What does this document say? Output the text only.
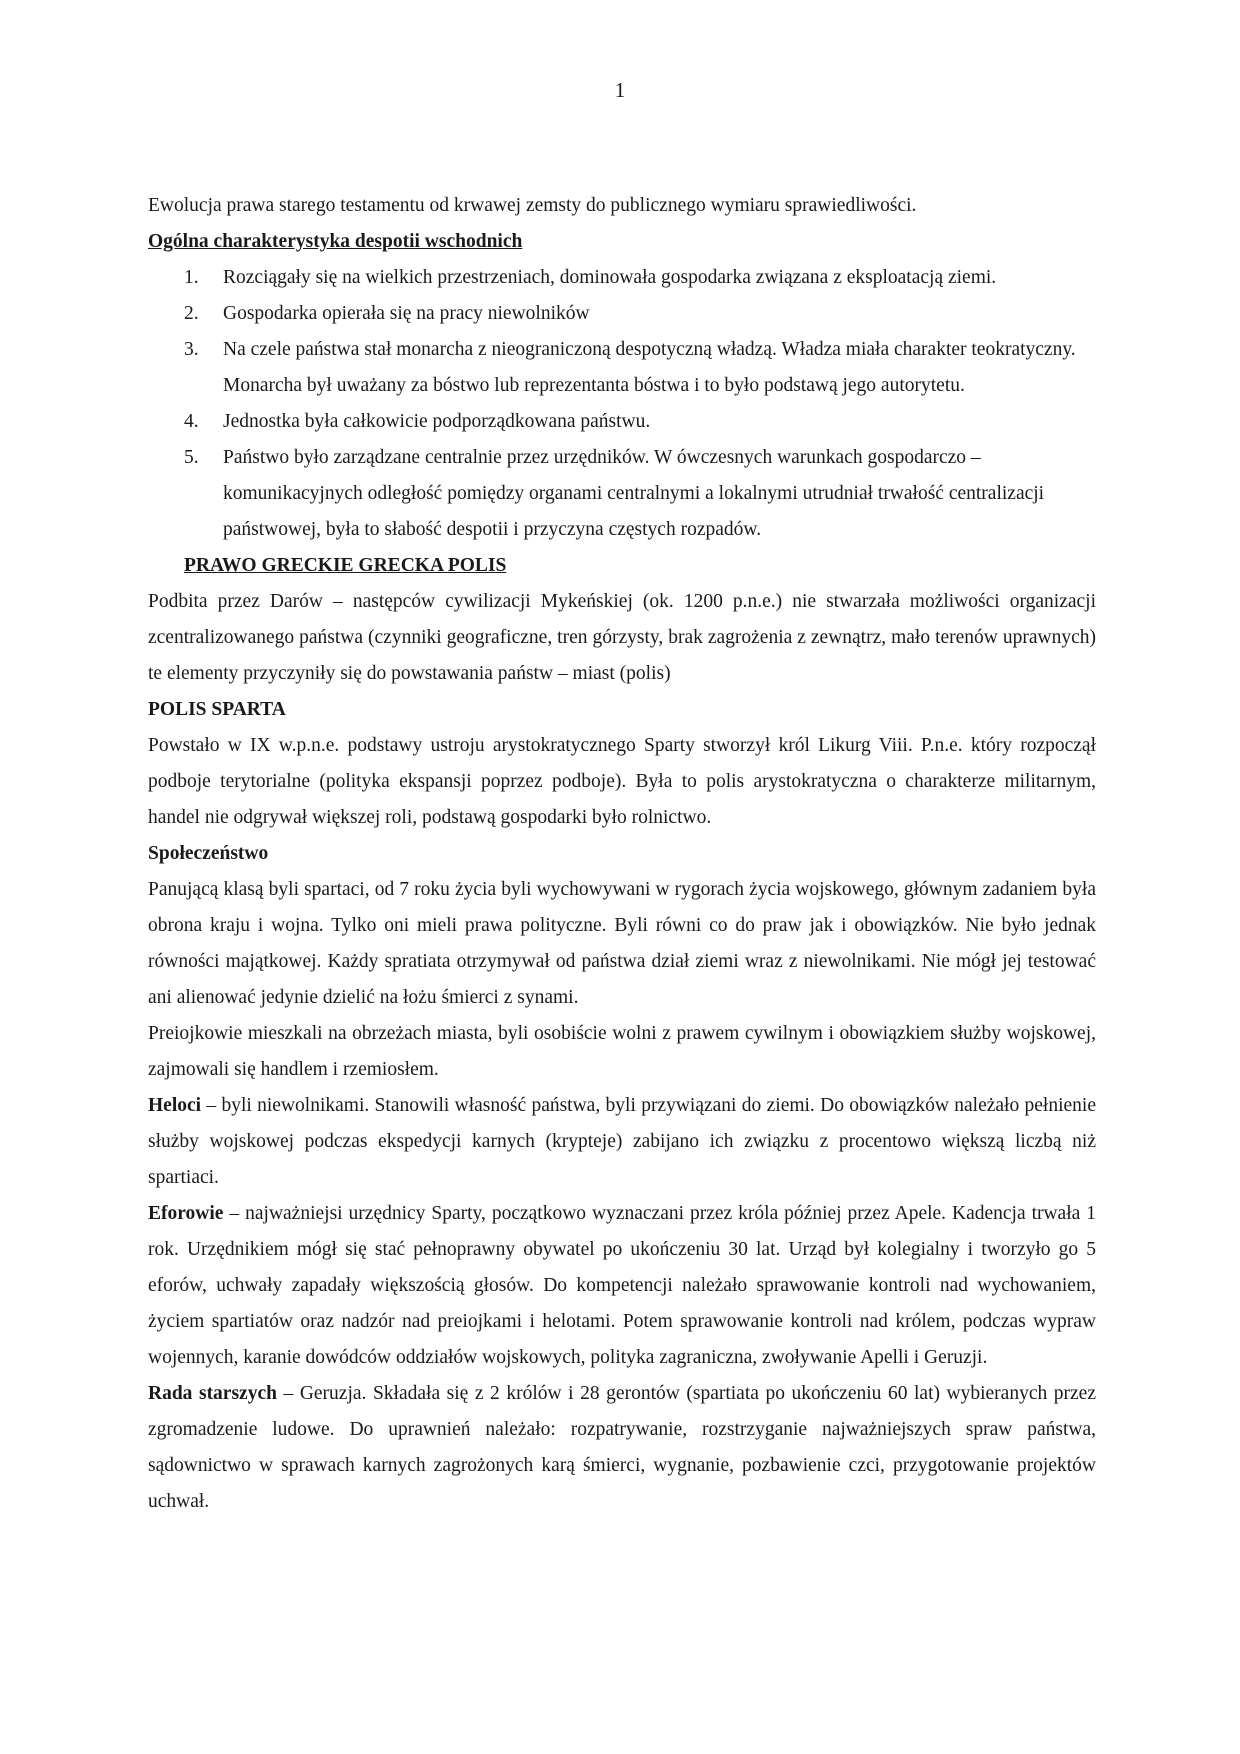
1

Ewolucja prawa starego testamentu od krwawej zemsty do publicznego wymiaru sprawiedliwości.

Ogólna charakterystyka despotii wschodnich

1. Rozciągały się na wielkich przestrzeniach, dominowała gospodarka związana z eksploatacją ziemi.
2. Gospodarka opierała się na pracy niewolników
3. Na czele państwa stał monarcha z nieograniczoną despotyczną władzą. Władza miała charakter teokratyczny. Monarcha był uważany za bóstwo lub reprezentanta bóstwa i to było podstawą jego autorytetu.
4. Jednostka była całkowicie podporządkowana państwu.
5. Państwo było zarządzane centralnie przez urzędników. W ówczesnych warunkach gospodarczo – komunikacyjnych odległość pomiędzy organami centralnymi a lokalnymi utrudniał trwałość centralizacji państwowej, była to słabość despotii i przyczyna częstych rozpadów.

PRAWO GRECKIE GRECKA POLIS

Podbita przez Darów – następców cywilizacji Mykeńskiej (ok. 1200 p.n.e.) nie stwarzała możliwości organizacji zcentralizowanego państwa (czynniki geograficzne, tren górzysty, brak zagrożenia z zewnątrz, mało terenów uprawnych) te elementy przyczyniły się do powstawania państw – miast (polis)

POLIS SPARTA

Powstało w IX w.p.n.e. podstawy ustroju arystokratycznego Sparty stworzył król Likurg Viii. P.n.e. który rozpoczął podboje terytorialne (polityka ekspansji poprzez podboje). Była to polis arystokratyczna o charakterze militarnym, handel nie odgrywał większej roli, podstawą gospodarki było rolnictwo.

Społeczeństwo

Panującą klasą byli spartaci, od 7 roku życia byli wychowywani w rygorach życia wojskowego, głównym zadaniem była obrona kraju i wojna. Tylko oni mieli prawa polityczne. Byli równi co do praw jak i obowiązków. Nie było jednak równości majątkowej. Każdy spratiata otrzymywał od państwa dział ziemi wraz z niewolnikami. Nie mógł jej testować ani alienować jedynie dzielić na łożu śmierci z synami.

Preiojkowie mieszkali na obrzeżach miasta, byli osobiście wolni z prawem cywilnym i obowiązkiem służby wojskowej, zajmowali się handlem i rzemiosłem.

Heloci – byli niewolnikami. Stanowili własność państwa, byli przywiązani do ziemi. Do obowiązków należało pełnienie służby wojskowej podczas ekspedycji karnych (krypteje) zabijano ich związku z procentowo większą liczbą niż spartiaci.

Eforowie – najważniejsi urzędnicy Sparty, początkowo wyznaczani przez króla później przez Apele. Kadencja trwała 1 rok. Urzędnikiem mógł się stać pełnoprawny obywatel po ukończeniu 30 lat. Urząd był kolegialny i tworzyło go 5 eforów, uchwały zapadały większością głosów. Do kompetencji należało sprawowanie kontroli nad wychowaniem, życiem spartiatów oraz nadzór nad preiojkami i helotami. Potem sprawowanie kontroli nad królem, podczas wypraw wojennych, karanie dowódców oddziałów wojskowych, polityka zagraniczna, zwoływanie Apelli i Geruzji.

Rada starszych – Geruzja. Składała się z 2 królów i 28 gerontów (spartiata po ukończeniu 60 lat) wybieranych przez zgromadzenie ludowe. Do uprawnień należało: rozpatrywanie, rozstrzyganie najważniejszych spraw państwa, sądownictwo w sprawach karnych zagrożonych karą śmierci, wygnanie, pozbawienie czci, przygotowanie projektów uchwał.
